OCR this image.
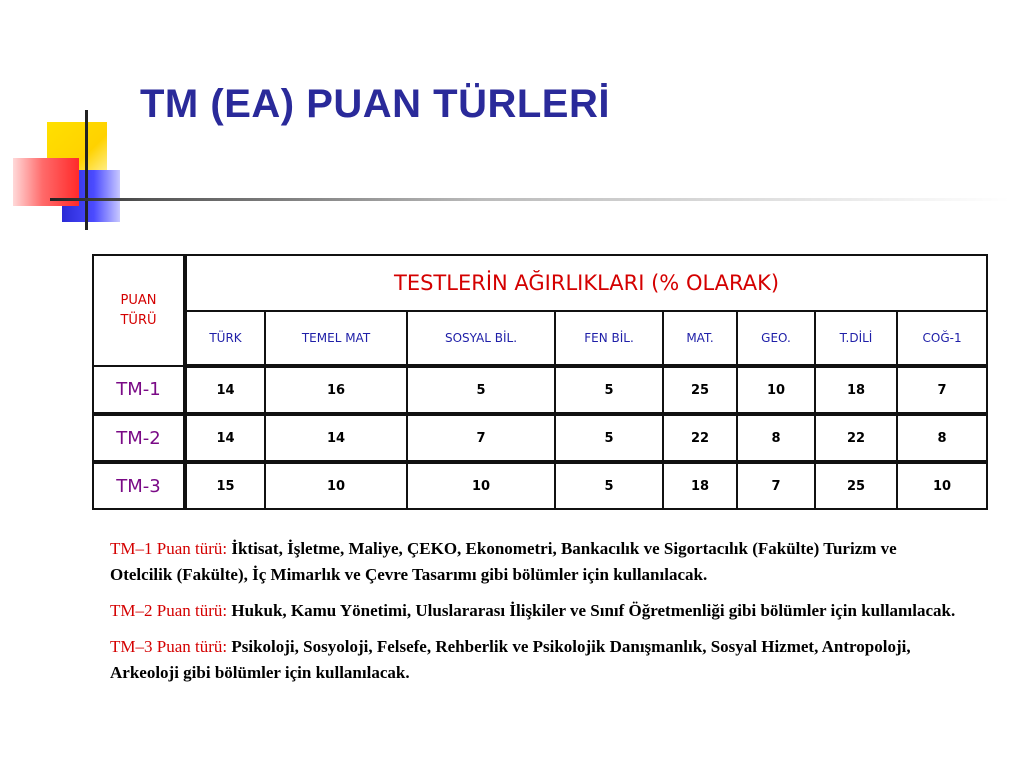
TM (EA) PUAN TÜRLERİ
PUAN
TÜRÜ	TESTLERİN AĞIRLIKLARI (% OLARAK)							
	TÜRK	TEMEL MAT	SOSYAL BİL.	FEN BİL.	MAT.	GEO.	T.DİLİ	COĞ-1
TM-1	14	16	5	5	25	10	18	7
TM-2	14	14	7	5	22	8	22	8
TM-3	15	10	10	5	18	7	25	10

TM–1 Puan türü: İktisat, İşletme, Maliye, ÇEKO, Ekonometri, Bankacılık ve Sigortacılık (Fakülte) Turizm ve Otelcilik (Fakülte), İç Mimarlık ve Çevre Tasarımı gibi bölümler için kullanılacak.

TM–2 Puan türü: Hukuk, Kamu Yönetimi, Uluslararası İlişkiler ve Sınıf Öğretmenliği gibi bölümler için kullanılacak.

TM–3 Puan türü: Psikoloji, Sosyoloji, Felsefe, Rehberlik ve Psikolojik Danışmanlık, Sosyal Hizmet, Antropoloji, Arkeoloji gibi bölümler için kullanılacak.
